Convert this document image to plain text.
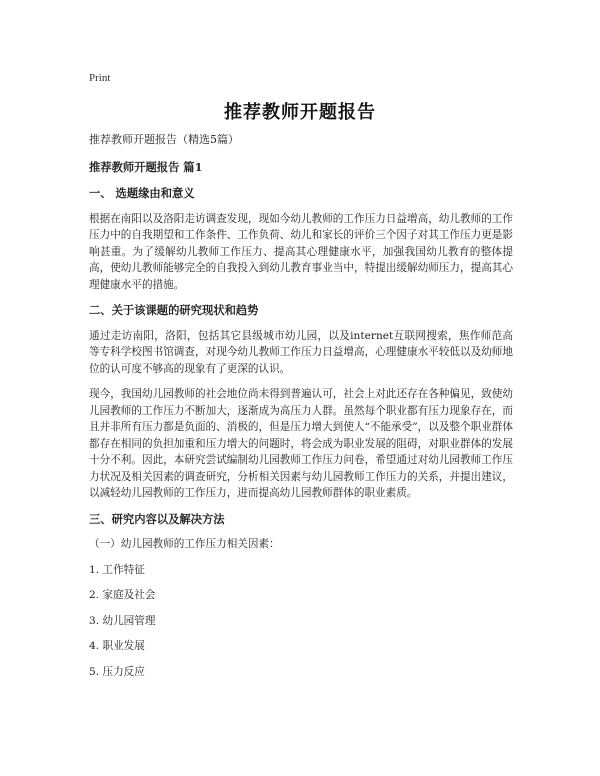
Print
推荐教师开题报告

推荐教师开题报告（精选5篇）

推荐教师开题报告 篇1

一、 选题缘由和意义

根据在南阳以及洛阳走访调查发现，现如今幼儿教师的工作压力日益增高，幼儿教师的工作压力中的自我期望和工作条件、工作负荷、幼儿和家长的评价三个因子对其工作压力更是影响甚重。为了缓解幼儿教师工作压力、提高其心理健康水平，加强我国幼儿教育的整体提高，使幼儿教师能够完全的自我投入到幼儿教育事业当中，特提出缓解幼师压力，提高其心理健康水平的措施。

二、关于该课题的研究现状和趋势

通过走访南阳，洛阳，包括其它县级城市幼儿园，以及internet互联网搜索，焦作师范高等专科学校图书馆调查，对现今幼儿教师工作压力日益增高，心理健康水平较低以及幼师地位的认可度不够高的现象有了更深的认识。

现今，我国幼儿园教师的社会地位尚未得到普遍认可，社会上对此还存在各种偏见，致使幼儿园教师的工作压力不断加大，逐渐成为高压力人群。虽然每个职业都有压力现象存在，而且并非所有压力都是负面的、消极的，但是压力增大到使人“不能承受”，以及整个职业群体都存在相同的负担加重和压力增大的问题时，将会成为职业发展的阻碍，对职业群体的发展十分不利。因此，本研究尝试编制幼儿园教师工作压力问卷，希望通过对幼儿园教师工作压力状况及相关因素的调查研究，分析相关因素与幼儿园教师工作压力的关系，并提出建议，以减轻幼儿园教师的工作压力，进而提高幼儿园教师群体的职业素质。

三、研究内容以及解决方法

（一）幼儿园教师的工作压力相关因素：

1. 工作特征

2. 家庭及社会

3. 幼儿园管理

4. 职业发展

5. 压力反应
